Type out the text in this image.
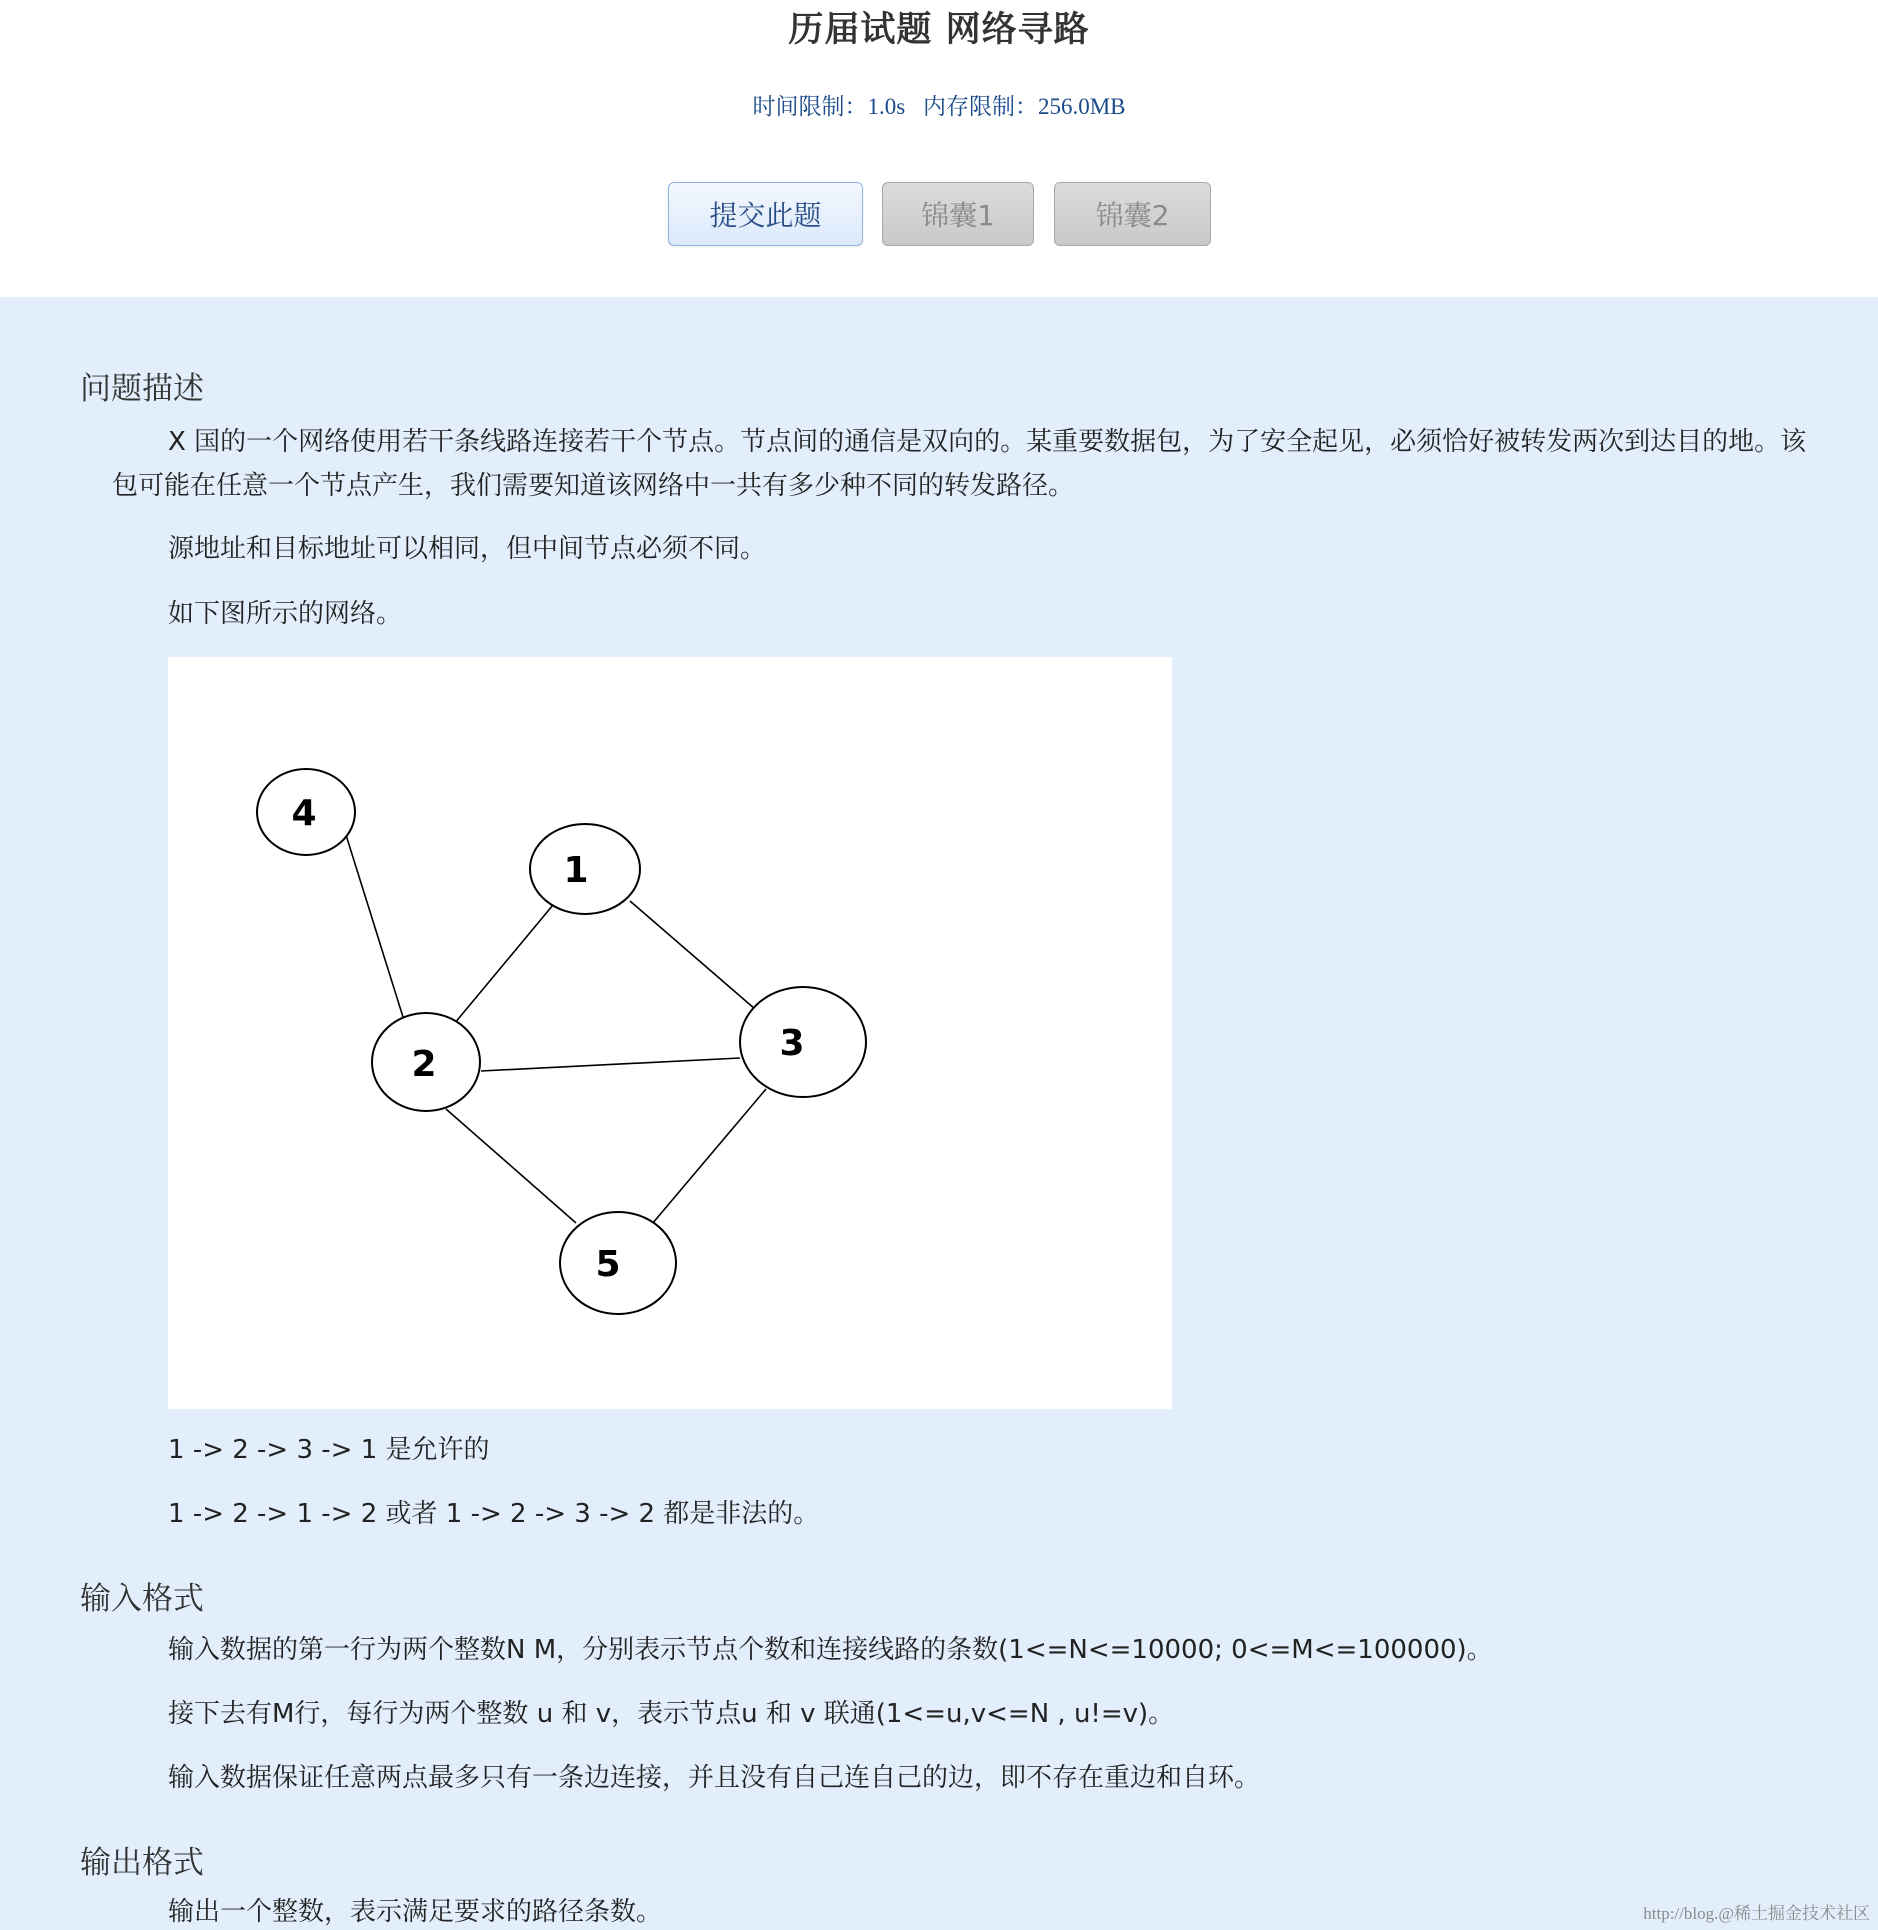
历届试题 网络寻路
时间限制：1.0s 内存限制：256.0MB
提交此题	锦囊1	锦囊2
问题描述
X 国的一个网络使用若干条线路连接若干个节点。节点间的通信是双向的。某重要数据包，为了安全起见，必须恰好被转发两次到达目的地。该包可能在任意一个节点产生，我们需要知道该网络中一共有多少种不同的转发路径。
源地址和目标地址可以相同，但中间节点必须不同。
如下图所示的网络。
4
1
2
3
5
1 -> 2 -> 3 -> 1 是允许的
1 -> 2 -> 1 -> 2 或者 1 -> 2 -> 3 -> 2 都是非法的。
输入格式
输入数据的第一行为两个整数N M，分别表示节点个数和连接线路的条数(1<=N<=10000; 0<=M<=100000)。
接下去有M行，每行为两个整数 u 和 v，表示节点u 和 v 联通(1<=u,v<=N , u!=v)。
输入数据保证任意两点最多只有一条边连接，并且没有自己连自己的边，即不存在重边和自环。
输出格式
输出一个整数，表示满足要求的路径条数。	http://blog.@稀土掘金技术社区
